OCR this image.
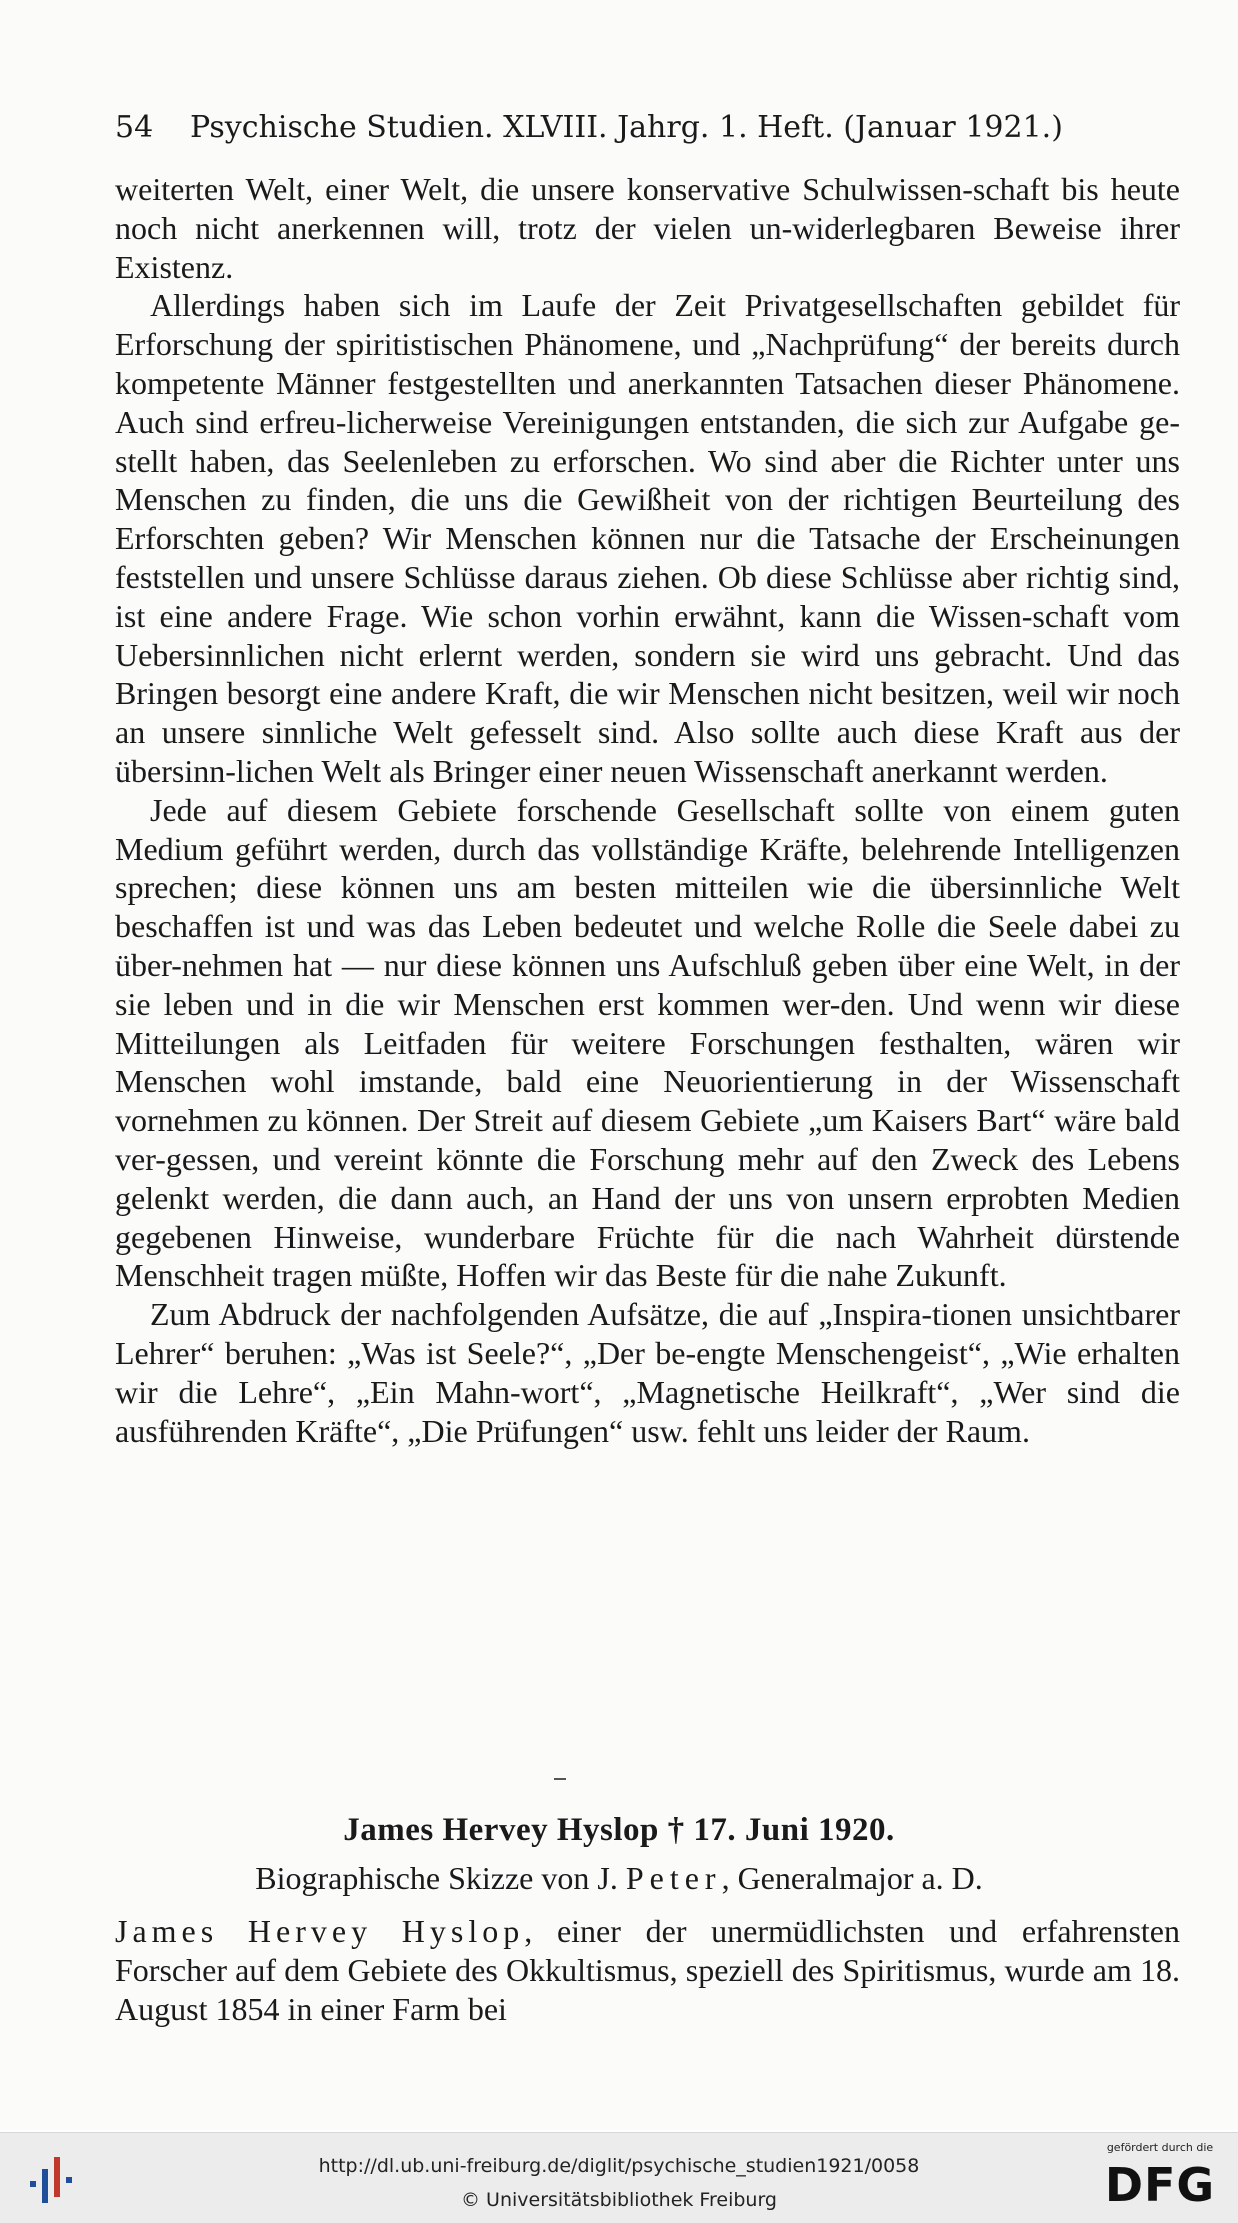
54 Psychische Studien. XLVIII. Jahrg. 1. Heft. (Januar 1921.)

weiterten Welt, einer Welt, die unsere konservative Schulwissen-schaft bis heute noch nicht anerkennen will, trotz der vielen un-widerlegbaren Beweise ihrer Existenz.

Allerdings haben sich im Laufe der Zeit Privatgesellschaften gebildet für Erforschung der spiritistischen Phänomene, und „Nachprüfung“ der bereits durch kompetente Männer festgestellten und anerkannten Tatsachen dieser Phänomene. Auch sind erfreu-licherweise Vereinigungen entstanden, die sich zur Aufgabe ge-stellt haben, das Seelenleben zu erforschen. Wo sind aber die Richter unter uns Menschen zu finden, die uns die Gewißheit von der richtigen Beurteilung des Erforschten geben? Wir Menschen können nur die Tatsache der Erscheinungen feststellen und unsere Schlüsse daraus ziehen. Ob diese Schlüsse aber richtig sind, ist eine andere Frage. Wie schon vorhin erwähnt, kann die Wissen-schaft vom Uebersinnlichen nicht erlernt werden, sondern sie wird uns gebracht. Und das Bringen besorgt eine andere Kraft, die wir Menschen nicht besitzen, weil wir noch an unsere sinnliche Welt gefesselt sind. Also sollte auch diese Kraft aus der übersinn-lichen Welt als Bringer einer neuen Wissenschaft anerkannt werden.

Jede auf diesem Gebiete forschende Gesellschaft sollte von einem guten Medium geführt werden, durch das vollständige Kräfte, belehrende Intelligenzen sprechen; diese können uns am besten mitteilen wie die übersinnliche Welt beschaffen ist und was das Leben bedeutet und welche Rolle die Seele dabei zu über-nehmen hat — nur diese können uns Aufschluß geben über eine Welt, in der sie leben und in die wir Menschen erst kommen wer-den. Und wenn wir diese Mitteilungen als Leitfaden für weitere Forschungen festhalten, wären wir Menschen wohl imstande, bald eine Neuorientierung in der Wissenschaft vornehmen zu können. Der Streit auf diesem Gebiete „um Kaisers Bart“ wäre bald ver-gessen, und vereint könnte die Forschung mehr auf den Zweck des Lebens gelenkt werden, die dann auch, an Hand der uns von unsern erprobten Medien gegebenen Hinweise, wunderbare Früchte für die nach Wahrheit dürstende Menschheit tragen müßte, Hoffen wir das Beste für die nahe Zukunft.

Zum Abdruck der nachfolgenden Aufsätze, die auf „Inspira-tionen unsichtbarer Lehrer“ beruhen: „Was ist Seele?“, „Der be-engte Menschengeist“, „Wie erhalten wir die Lehre“, „Ein Mahn-wort“, „Magnetische Heilkraft“, „Wer sind die ausführenden Kräfte“, „Die Prüfungen“ usw. fehlt uns leider der Raum.

James Hervey Hyslop † 17. Juni 1920.
Biographische Skizze von J. Peter, Generalmajor a. D.
James Hervey Hyslop, einer der unermüdlichsten und erfahrensten Forscher auf dem Gebiete des Okkultismus, speziell des Spiritismus, wurde am 18. August 1854 in einer Farm bei
http://dl.ub.uni-freiburg.de/diglit/psychische_studien1921/0058
© Universitätsbibliothek Freiburg
gefördert durch die
DFG
